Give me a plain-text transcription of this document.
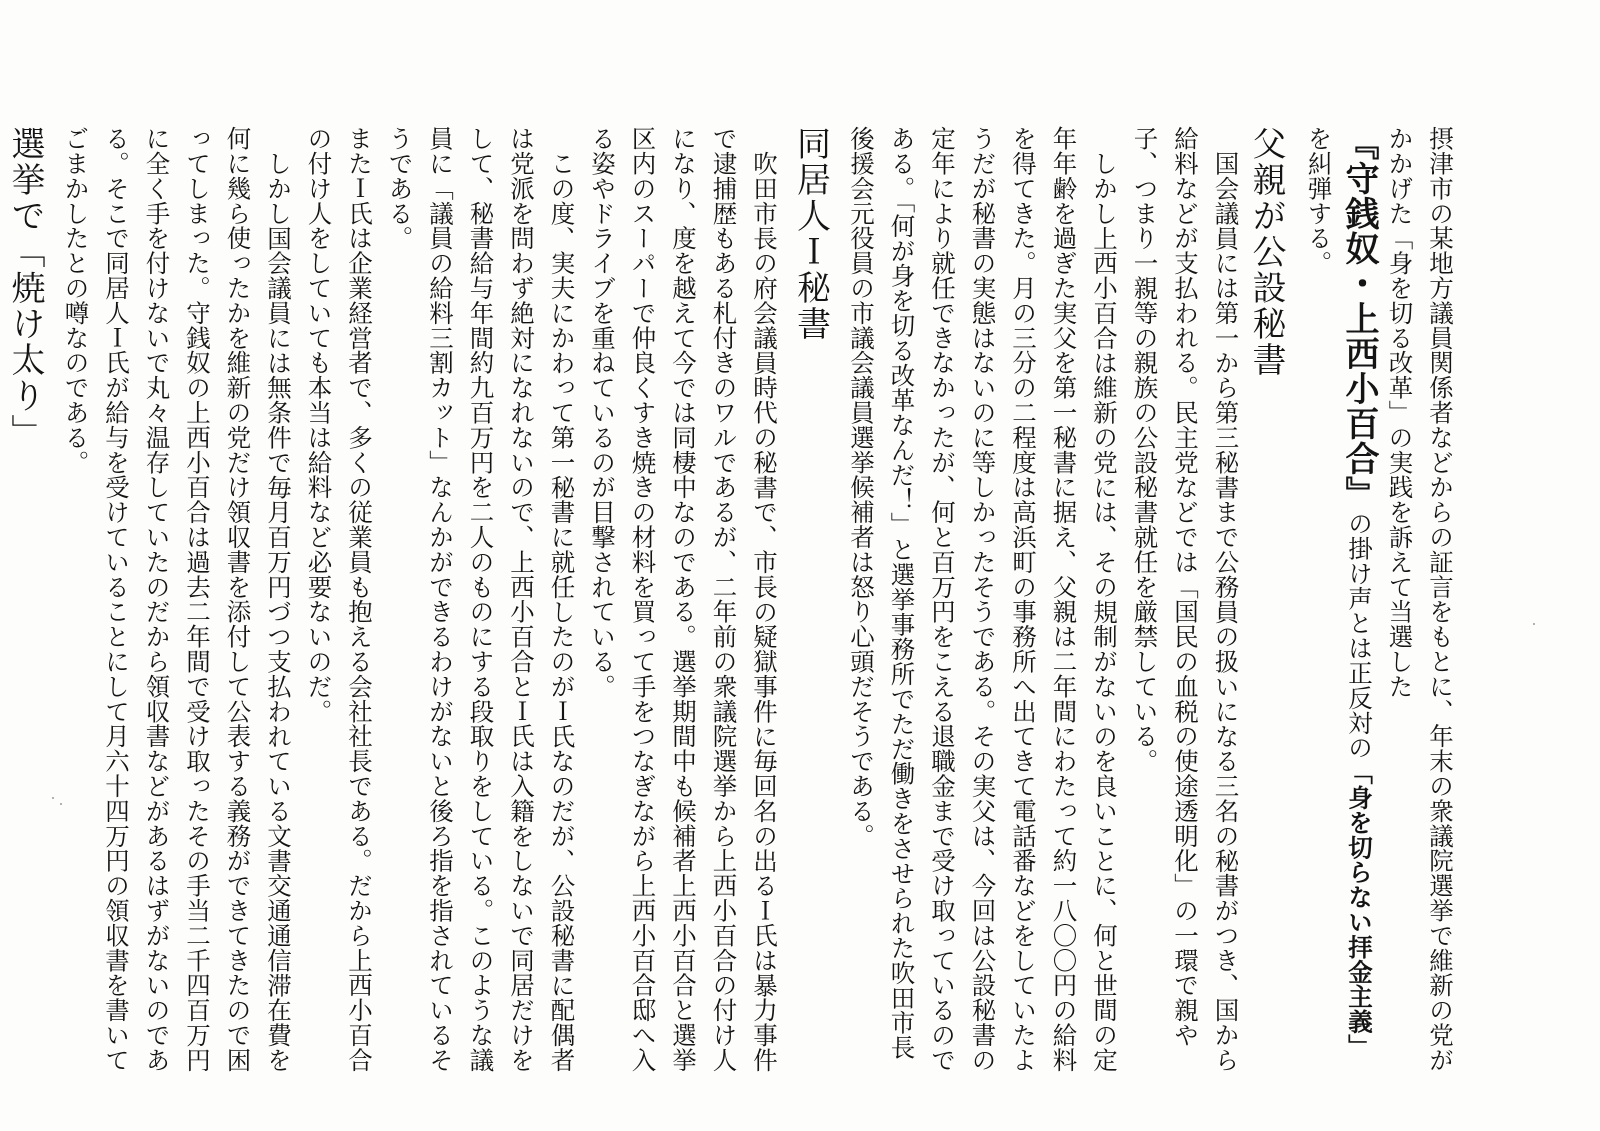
摂津市の某地方議員関係者などからの証言をもとに、年末の衆議院選挙で維新の党がかかげた「身を切る改革」の実践を訴えて当選した『守銭奴・上西小百合』の掛け声とは正反対の「身を切らない拝金主義」を糾弾する。

父親が公設秘書

国会議員には第一から第三秘書まで公務員の扱いになる三名の秘書がつき、国から給料などが支払われる。民主党などでは「国民の血税の使途透明化」の一環で親や子、つまり一親等の親族の公設秘書就任を厳禁している。

しかし上西小百合は維新の党には、その規制がないのを良いことに、何と世間の定年年齢を過ぎた実父を第一秘書に据え、父親は二年間にわたって約一八〇〇円の給料を得てきた。月の三分の二程度は高浜町の事務所へ出てきて電話番などをしていたようだが秘書の実態はないのに等しかったそうである。その実父は、今回は公設秘書の定年により就任できなかったが、何と百万円をこえる退職金まで受け取っているのである。「何が身を切る改革なんだ！」と選挙事務所でただ働きをさせられた吹田市長後援会元役員の市議会議員選挙候補者は怒り心頭だそうである。

同居人Ｉ秘書

吹田市長の府会議員時代の秘書で、市長の疑獄事件に毎回名の出るＩ氏は暴力事件で逮捕歴もある札付きのワルであるが、二年前の衆議院選挙から上西小百合の付け人になり、度を越えて今では同棲中なのである。選挙期間中も候補者上西小百合と選挙区内のスーパーで仲良くすき焼きの材料を買って手をつなぎながら上西小百合邸へ入る姿やドライブを重ねているのが目撃されている。

この度、実夫にかわって第一秘書に就任したのがＩ氏なのだが、公設秘書に配偶者は党派を問わず絶対になれないので、上西小百合とＩ氏は入籍をしないで同居だけをして、秘書給与年間約九百万円を二人のものにする段取りをしている。このような議員に「議員の給料三割カット」なんかができるわけがないと後ろ指を指されているそうである。

またＩ氏は企業経営者で、多くの従業員も抱える会社社長である。だから上西小百合の付け人をしていても本当は給料など必要ないのだ。

しかし国会議員には無条件で毎月百万円づつ支払われている文書交通通信滞在費を何に幾ら使ったかを維新の党だけ領収書を添付して公表する義務ができてきたので困ってしまった。守銭奴の上西小百合は過去二年間で受け取ったその手当二千四百万円に全く手を付けないで丸々温存していたのだから領収書などがあるはずがないのである。そこで同居人Ｉ氏が給与を受けていることにして月六十四万円の領収書を書いてごまかしたとの噂なのである。

選挙で「焼け太り」
